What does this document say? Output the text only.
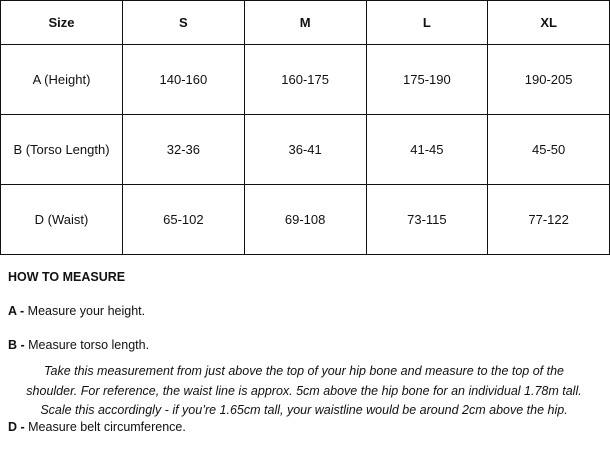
Size	S	M	L	XL
A (Height)	140-160	160-175	175-190	190-205
B (Torso Length)	32-36	36-41	41-45	45-50
D (Waist)	65-102	69-108	73-115	77-122
HOW TO MEASURE
A - Measure your height.
B - Measure torso length.
Take this measurement from just above the top of your hip bone and measure to the top of the
shoulder. For reference, the waist line is approx. 5cm above the hip bone for an individual 1.78m tall.
Scale this accordingly - if you’re 1.65cm tall, your waistline would be around 2cm above the hip.
D - Measure belt circumference.
